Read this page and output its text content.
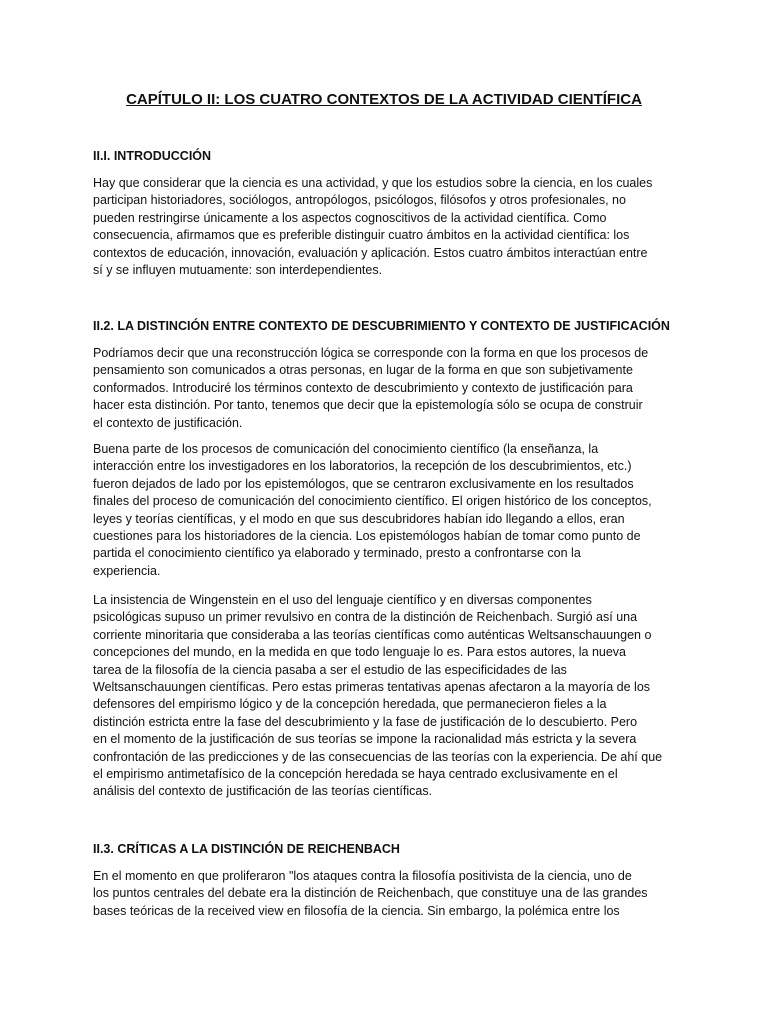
CAPÍTULO II: LOS CUATRO CONTEXTOS DE LA ACTIVIDAD CIENTÍFICA
II.I. INTRODUCCIÓN

Hay que considerar que la ciencia es una actividad, y que los estudios sobre la ciencia, en los cuales
participan historiadores, sociólogos, antropólogos, psicólogos, filósofos y otros profesionales, no
pueden restringirse únicamente a los aspectos cognoscitivos de la actividad científica. Como
consecuencia, afirmamos que es preferible distinguir cuatro ámbitos en la actividad científica: los
contextos de educación, innovación, evaluación y aplicación. Estos cuatro ámbitos interactúan entre
sí y se influyen mutuamente: son interdependientes.

II.2. LA DISTINCIÓN ENTRE CONTEXTO DE DESCUBRIMIENTO Y CONTEXTO DE JUSTIFICACIÓN

Podríamos decir que una reconstrucción lógica se corresponde con la forma en que los procesos de
pensamiento son comunicados a otras personas, en lugar de la forma en que son subjetivamente
conformados. Introduciré los términos contexto de descubrimiento y contexto de justificación para
hacer esta distinción. Por tanto, tenemos que decir que la epistemología sólo se ocupa de construir
el contexto de justificación.

Buena parte de los procesos de comunicación del conocimiento científico (la enseñanza, la
interacción entre los investigadores en los laboratorios, la recepción de los descubrimientos, etc.)
fueron dejados de lado por los epistemólogos, que se centraron exclusivamente en los resultados
finales del proceso de comunicación del conocimiento científico. El origen histórico de los conceptos,
leyes y teorías científicas, y el modo en que sus descubridores habían ido llegando a ellos, eran
cuestiones para los historiadores de la ciencia. Los epistemólogos habían de tomar como punto de
partida el conocimiento científico ya elaborado y terminado, presto a confrontarse con la
experiencia.

La insistencia de Wingenstein en el uso del lenguaje científico y en diversas componentes
psicológicas supuso un primer revulsivo en contra de la distinción de Reichenbach. Surgió así una
corriente minoritaria que consideraba a las teorías científicas como auténticas Weltsanschauungen o
concepciones del mundo, en la medida en que todo lenguaje lo es. Para estos autores, la nueva
tarea de la filosofía de la ciencia pasaba a ser el estudio de las especificidades de las
Weltsanschauungen científicas. Pero estas primeras tentativas apenas afectaron a la mayoría de los
defensores del empirismo lógico y de la concepción heredada, que permanecieron fieles a la
distinción estricta entre la fase del descubrimiento y la fase de justificación de lo descubierto. Pero
en el momento de la justificación de sus teorías se impone la racionalidad más estricta y la severa
confrontación de las predicciones y de las consecuencias de las teorías con la experiencia. De ahí que
el empirismo antimetafísico de la concepción heredada se haya centrado exclusivamente en el
análisis del contexto de justificación de las teorías científicas.

II.3. CRÍTICAS A LA DISTINCIÓN DE REICHENBACH

En el momento en que proliferaron "los ataques contra la filosofía positivista de la ciencia, uno de
los puntos centrales del debate era la distinción de Reichenbach, que constituye una de las grandes
bases teóricas de la received view en filosofía de la ciencia. Sin embargo, la polémica entre los
